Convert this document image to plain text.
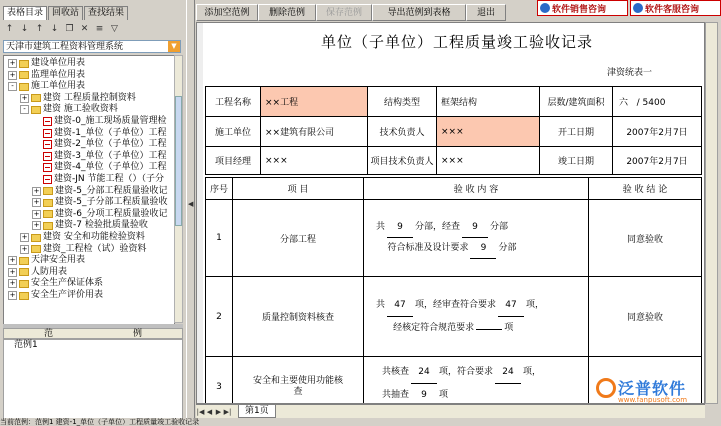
表格目录	回收站	查找结果
↑ ↓ ↑ ↓ ❐ ✕ ≡ ▽
天津市建筑工程资料管理系统	▼
+ 建设单位用表
+ 监理单位用表
-	施工单位用表
+ 建资 工程质量控制资料
-	建资 施工验收资料
建资-0_施工现场质量管理检
建资-1_单位（子单位）工程
建资-2_单位（子单位）工程
建资-3_单位（子单位）工程
建资-4_单位（子单位）工程
建资-JN 节能工程（）（子分
+ 建资-5_分部工程质量验收记
+ 建资-5_子分部工程质量验收
+ 建资-6_分项工程质量验收记
+ 建资-7 检验批质量验收
+ 建资 安全和功能检验资料
+ 建资_工程检（试）验资料
+ 天津安全用表
+ 人防用表
+ 安全生产保证体系
+ 安全生产评价用表
范	例
范例1
◀
添加空范例	删除范例	保存范例	导出范例到表格	退出	软件销售咨询	软件客服咨询
单位（子单位）工程质量竣工验收记录
津资统表一
工程名称	××工程	结构类型	框架结构	层数/建筑面积	六 / 5400
施工单位	××建筑有限公司	技术负责人	×××	开工日期	2007年2月7日
项目经理	×××	项目技术负责人	×××	竣工日期	2007年2月7日
序号	项 目	验 收 内 容	验 收 结 论
1	分部工程	共 9 分部，经查 9 分部
符合标准及设计要求 9 分部	同意验收
2	质量控制资料核查	共 47 项，经审查符合要求 47 项，
经核定符合规范要求 项	同意验收
3	安全和主要使用功能核查	共核查 24 项，符合要求 24 项，
共抽查 9 项		泛普软件
www.fanpusoft.com
|◀ ◀ ▶ ▶|	第1页
当前范例：范例1 建资-1_单位（子单位）工程质量竣工验收记录
